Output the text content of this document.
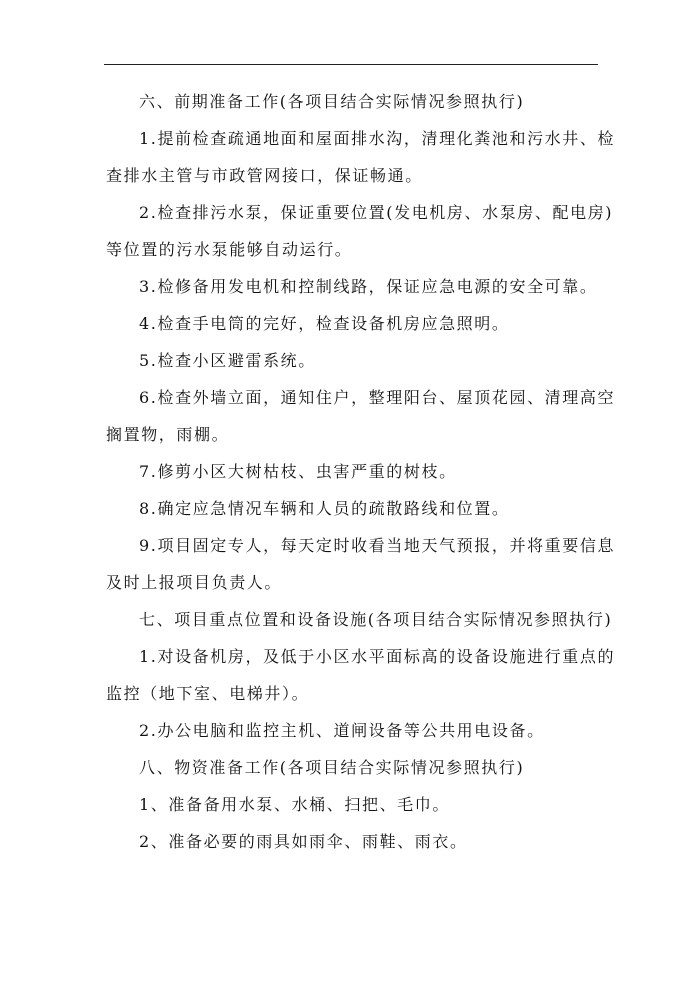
六、前期准备工作(各项目结合实际情况参照执行)

1.提前检查疏通地面和屋面排水沟，清理化粪池和污水井、检
查排水主管与市政管网接口，保证畅通。

2.检查排污水泵，保证重要位置(发电机房、水泵房、配电房)
等位置的污水泵能够自动运行。

3.检修备用发电机和控制线路，保证应急电源的安全可靠。

4.检查手电筒的完好，检查设备机房应急照明。

5.检查小区避雷系统。

6.检查外墙立面，通知住户，整理阳台、屋顶花园、清理高空
搁置物，雨棚。

7.修剪小区大树枯枝、虫害严重的树枝。

8.确定应急情况车辆和人员的疏散路线和位置。

9.项目固定专人，每天定时收看当地天气预报，并将重要信息
及时上报项目负责人。

七、项目重点位置和设备设施(各项目结合实际情况参照执行)

1.对设备机房，及低于小区水平面标高的设备设施进行重点的
监控（地下室、电梯井）。

2.办公电脑和监控主机、道闸设备等公共用电设备。

八、物资准备工作(各项目结合实际情况参照执行)

1、准备备用水泵、水桶、扫把、毛巾。

2、准备必要的雨具如雨伞、雨鞋、雨衣。
